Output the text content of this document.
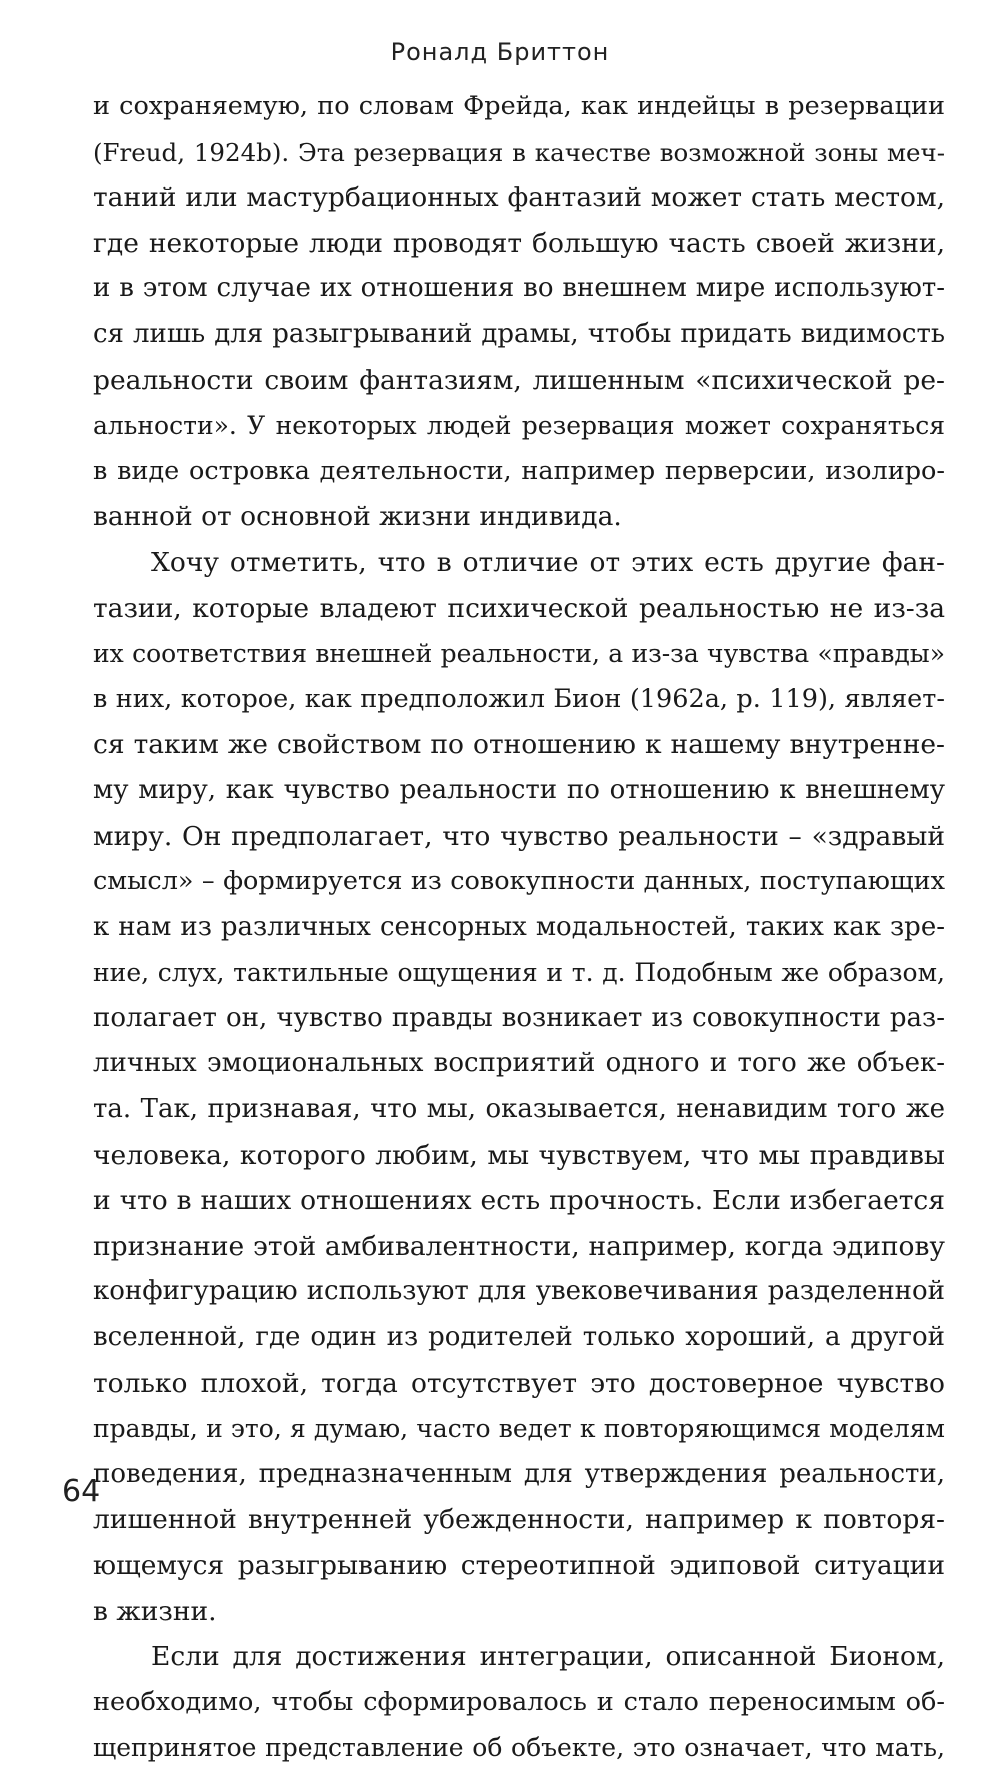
Роналд Бриттон
и сохраняемую, по словам Фрейда, как индейцы в резервации
(Freud, 1924b). Эта резервация в качестве возможной зоны меч-
таний или мастурбационных фантазий может стать местом,
где некоторые люди проводят большую часть своей жизни,
и в этом случае их отношения во внешнем мире используют-
ся лишь для разыгрываний драмы, чтобы придать видимость
реальности своим фантазиям, лишенным «психической ре-
альности». У некоторых людей резервация может сохраняться
в виде островка деятельности, например перверсии, изолиро-
ванной от основной жизни индивида.
Хочу отметить, что в отличие от этих есть другие фан-
тазии, которые владеют психической реальностью не из-за
их соответствия внешней реальности, а из-за чувства «правды»
в них, которое, как предположил Бион (1962a, p. 119), являет-
ся таким же свойством по отношению к нашему внутренне-
му миру, как чувство реальности по отношению к внешнему
миру. Он предполагает, что чувство реальности – «здравый
смысл» – формируется из совокупности данных, поступающих
к нам из различных сенсорных модальностей, таких как зре-
ние, слух, тактильные ощущения и т. д. Подобным же образом,
полагает он, чувство правды возникает из совокупности раз-
личных эмоциональных восприятий одного и того же объек-
та. Так, признавая, что мы, оказывается, ненавидим того же
человека, которого любим, мы чувствуем, что мы правдивы
и что в наших отношениях есть прочность. Если избегается
признание этой амбивалентности, например, когда эдипову
конфигурацию используют для увековечивания разделенной
вселенной, где один из родителей только хороший, а другой
только плохой, тогда отсутствует это достоверное чувство
правды, и это, я думаю, часто ведет к повторяющимся моделям
поведения, предназначенным для утверждения реальности,
лишенной внутренней убежденности, например к повторя-
ющемуся разыгрыванию стереотипной эдиповой ситуации
в жизни.
Если для достижения интеграции, описанной Бионом,
необходимо, чтобы сформировалось и стало переносимым об-
щепринятое представление об объекте, это означает, что мать,
64
